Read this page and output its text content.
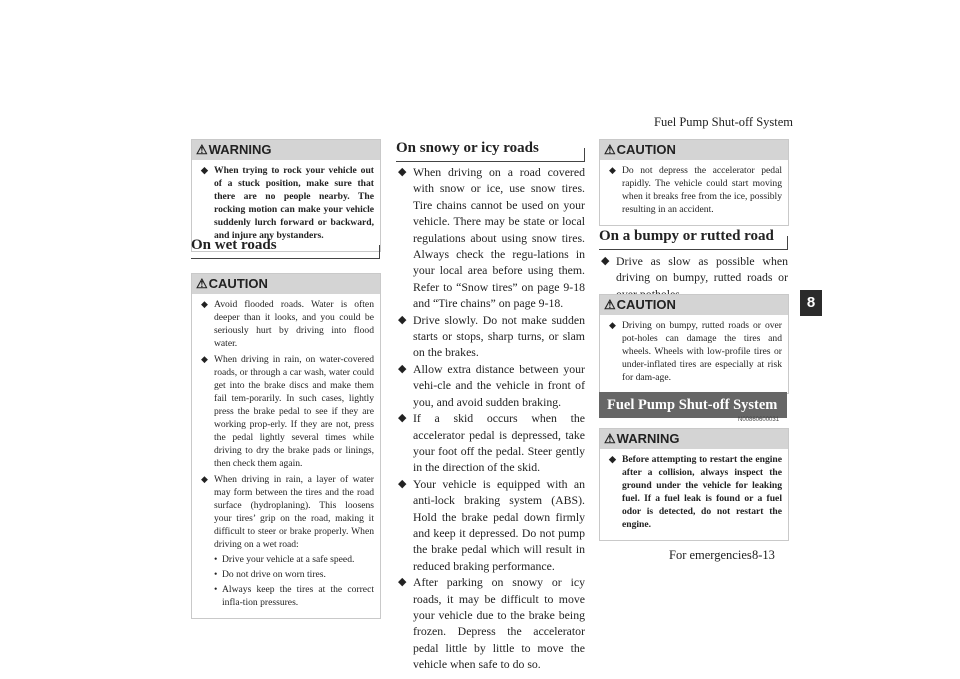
Fuel Pump Shut-off System
For emergencies 8-13
8
⚠WARNING
◆ When trying to rock your vehicle out of a stuck position, make sure that there are no people nearby. The rocking motion can make your vehicle suddenly lurch forward or backward, and injure any bystanders.
On wet roads
⚠CAUTION
◆ Avoid flooded roads. Water is often deeper than it looks, and you could be seriously hurt by driving into flood water.
◆ When driving in rain, on water-covered roads, or through a car wash, water could get into the brake discs and make them fail tem-porarily. In such cases, lightly press the brake pedal to see if they are working prop-erly. If they are not, press the pedal lightly several times while driving to dry the brake pads or linings, then check them again.
◆ When driving in rain, a layer of water may form between the tires and the road surface (hydroplaning). This loosens your tires’ grip on the road, making it difficult to steer or brake properly. When driving on a wet road:
• Drive your vehicle at a safe speed.
• Do not drive on worn tires.
• Always keep the tires at the correct infla-tion pressures.
On snowy or icy roads
◆ When driving on a road covered with snow or ice, use snow tires. Tire chains cannot be used on your vehicle. There may be state or local regulations about using snow tires. Always check the regu-lations in your local area before using them. Refer to “Snow tires” on page 9-18 and “Tire chains” on page 9-18.
◆ Drive slowly. Do not make sudden starts or stops, sharp turns, or slam on the brakes.
◆ Allow extra distance between your vehi-cle and the vehicle in front of you, and avoid sudden braking.
◆ If a skid occurs when the accelerator pedal is depressed, take your foot off the pedal. Steer gently in the direction of the skid.
◆ Your vehicle is equipped with an anti-lock braking system (ABS). Hold the brake pedal down firmly and keep it depressed. Do not pump the brake pedal which will result in reduced braking performance.
◆ After parking on snowy or icy roads, it may be difficult to move your vehicle due to the brake being frozen. Depress the accelerator pedal little by little to move the vehicle when safe to do so.
⚠CAUTION
◆ Do not depress the accelerator pedal rapidly. The vehicle could start moving when it breaks free from the ice, possibly resulting in an accident.
On a bumpy or rutted road
◆ Drive as slow as possible when driving on bumpy, rutted roads or
⚠CAUTION
◆ Driving on bumpy, rutted roads or over pot-holes can damage the tires and wheels. Wheels with low-profile tires or under-inflated tires are especially at risk for dam-age.
Fuel Pump Shut-off System
N00860600031
⚠WARNING
◆ Before attempting to restart the engine after a collision, always inspect the ground under the vehicle for leaking fuel. If a fuel leak is found or a fuel odor is detected, do not restart the engine.
